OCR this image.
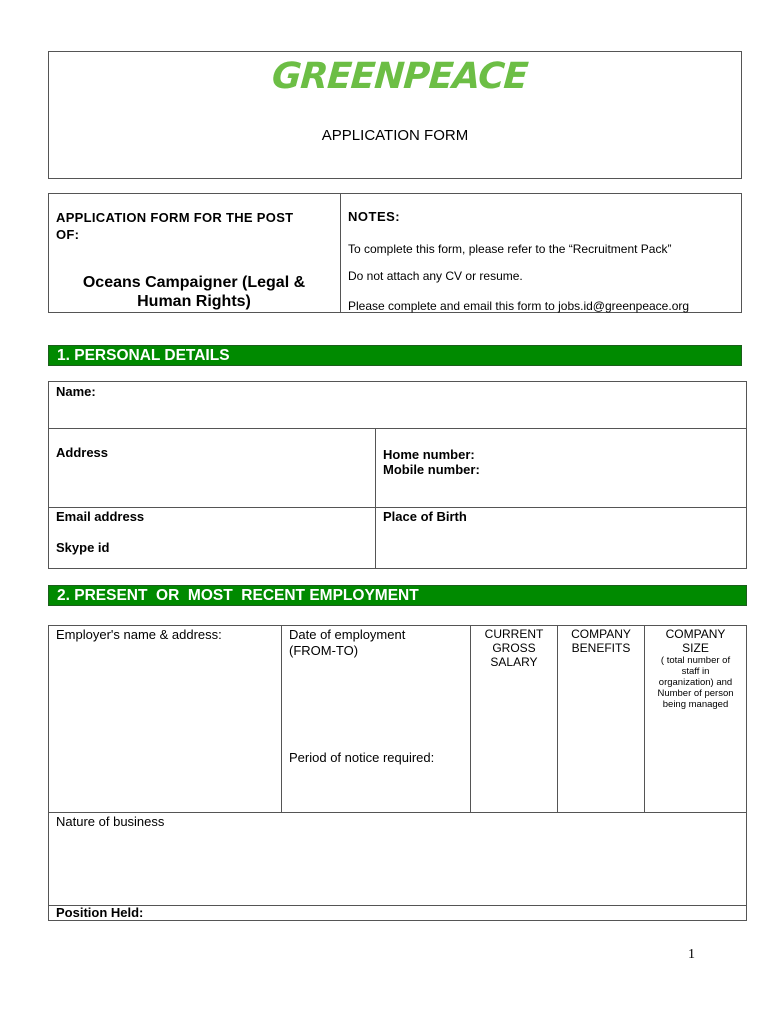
GREENPEACE
APPLICATION FORM
APPLICATION FORM FOR THE POST OF:
Oceans Campaigner (Legal & Human Rights)
NOTES:
To complete this form, please refer to the “Recruitment Pack”
Do not attach any CV or resume.
Please complete and email this form to jobs.id@greenpeace.org
1. PERSONAL DETAILS
Name:
Address	Home number:
Mobile number:
Email address
Skype id
Place of Birth
2. PRESENT  OR  MOST  RECENT EMPLOYMENT
Employer's name & address:	Date of employment
(FROM-TO)
Period of notice required:
CURRENT
GROSS
SALARY
COMPANY
BENEFITS
COMPANY
SIZE
( total number of
staff in
organization) and
Number of person
being managed
Nature of business
Position Held:
1
